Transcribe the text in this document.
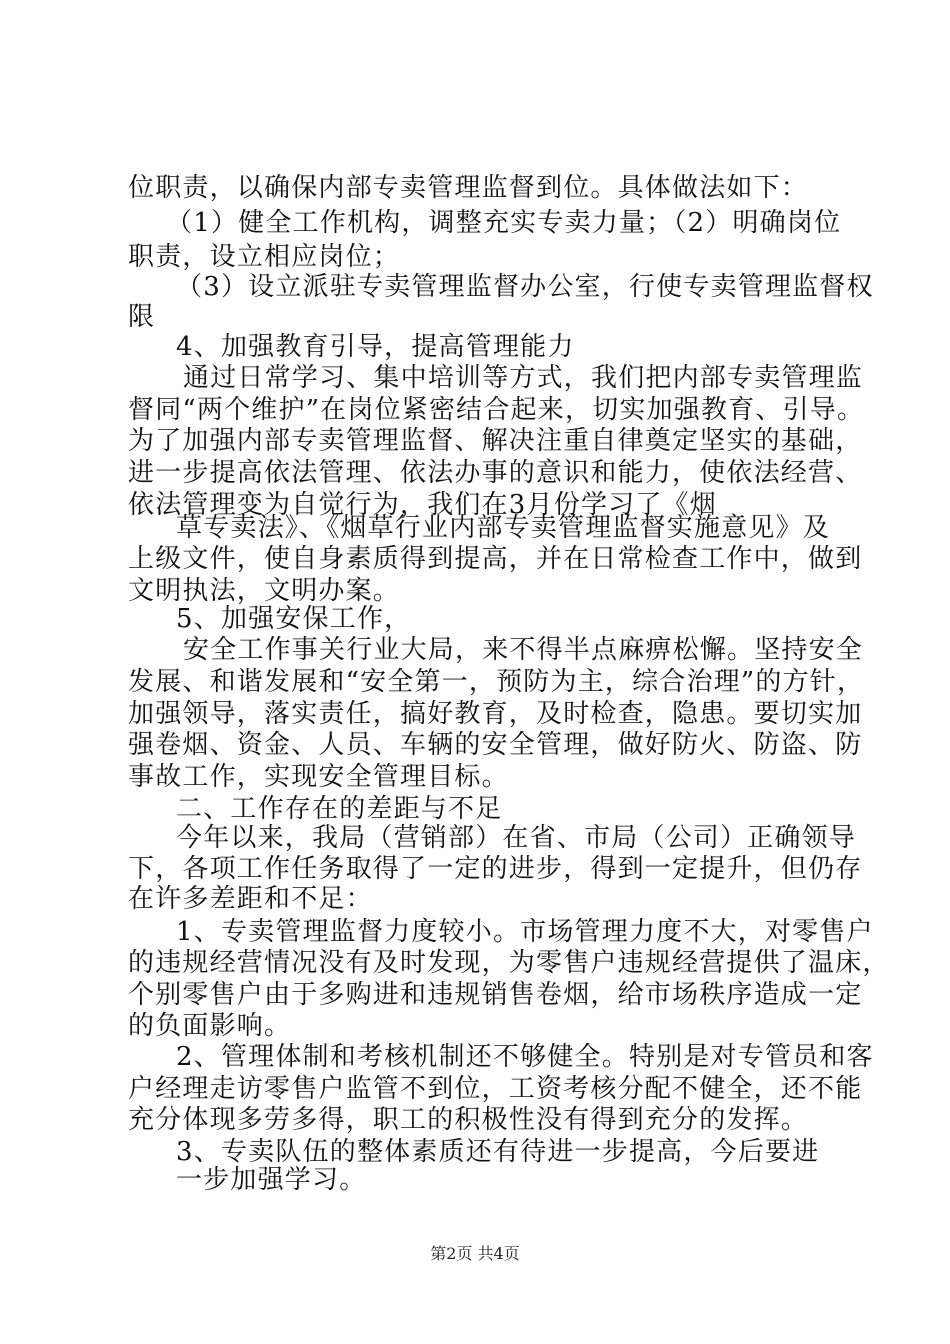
位职责，以确保内部专卖管理监督到位。具体做法如下：
（1）健全工作机构，调整充实专卖力量；（2）明确岗位
职责，设立相应岗位；
（3）设立派驻专卖管理监督办公室，行使专卖管理监督权
限
4、加强教育引导，提高管理能力
通过日常学习、集中培训等方式，我们把内部专卖管理监
督同“两个维护”在岗位紧密结合起来，切实加强教育、引导。
为了加强内部专卖管理监督、解决注重自律奠定坚实的基础，
进一步提高依法管理、依法办事的意识和能力，使依法经营、
依法管理变为自觉行为，我们在3月份学习了《烟
草专卖法》、《烟草行业内部专卖管理监督实施意见》及
上级文件，使自身素质得到提高，并在日常检查工作中，做到
文明执法，文明办案。
5、加强安保工作，
安全工作事关行业大局，来不得半点麻痹松懈。坚持安全
发展、和谐发展和“安全第一，预防为主，综合治理”的方针，
加强领导，落实责任，搞好教育，及时检查，隐患。要切实加
强卷烟、资金、人员、车辆的安全管理，做好防火、防盗、防
事故工作，实现安全管理目标。
二、工作存在的差距与不足
今年以来，我局（营销部）在省、市局（公司）正确领导
下，各项工作任务取得了一定的进步，得到一定提升，但仍存
在许多差距和不足：
1、专卖管理监督力度较小。市场管理力度不大，对零售户
的违规经营情况没有及时发现，为零售户违规经营提供了温床，
个别零售户由于多购进和违规销售卷烟，给市场秩序造成一定
的负面影响。
2、管理体制和考核机制还不够健全。特别是对专管员和客
户经理走访零售户监管不到位，工资考核分配不健全，还不能
充分体现多劳多得，职工的积极性没有得到充分的发挥。
3、专卖队伍的整体素质还有待进一步提高，今后要进
一步加强学习。
第2页 共4页
